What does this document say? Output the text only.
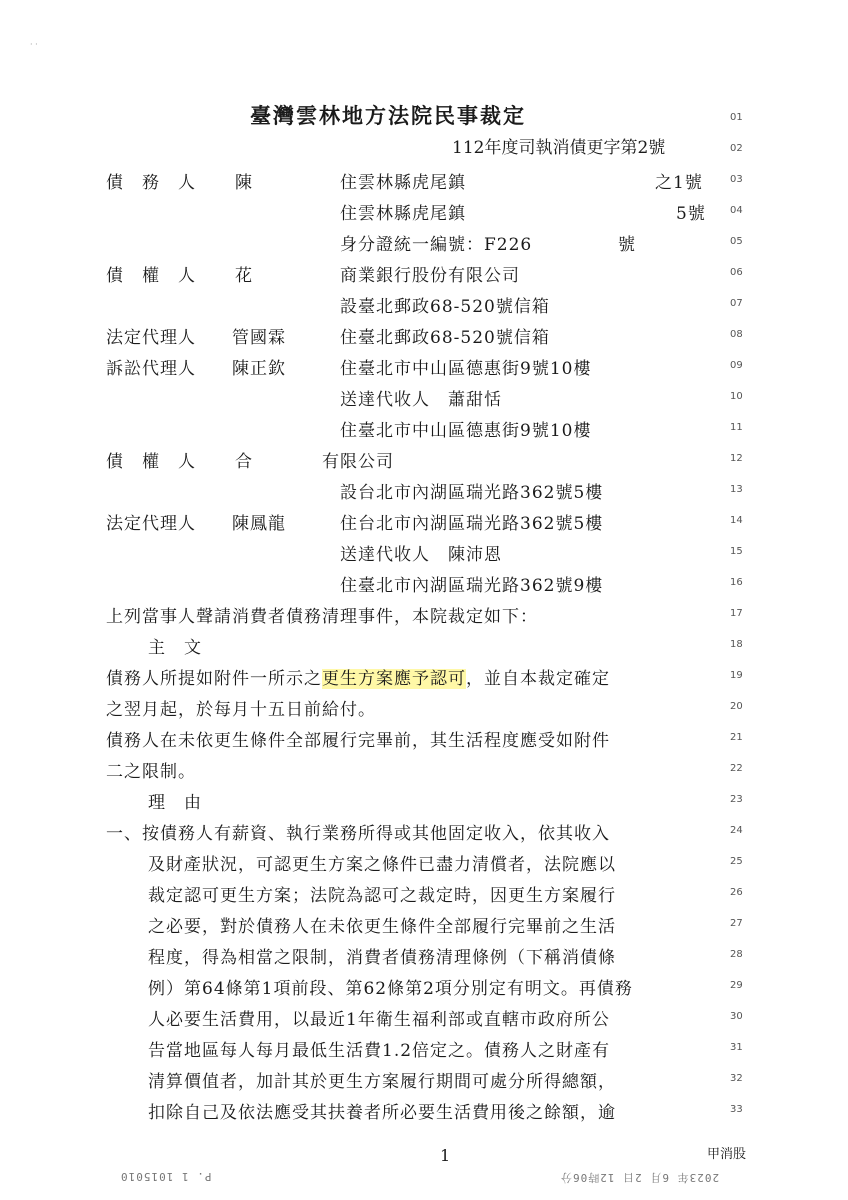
· ·
臺灣雲林地方法院民事裁定
112年度司執消債更字第2號
01
02
03
04
05
06
07
08
09
10
11
12
13
14
15
16
17
18
19
20
21
22
23
24
25
26
27
28
29
30
31
32
33
債　務　人 陳	住雲林縣虎尾鎮	之1號
住雲林縣虎尾鎮	5號
身分證統一編號：F226	號
債　權　人 花	商業銀行股份有限公司
設臺北郵政68-520號信箱
法定代理人 管國霖	住臺北郵政68-520號信箱
訴訟代理人 陳正欽	住臺北市中山區德惠街9號10樓
送達代收人　蕭甜恬
住臺北市中山區德惠街9號10樓
債　權　人 合	有限公司
設台北市內湖區瑞光路362號5樓
法定代理人 陳鳳龍	住台北市內湖區瑞光路362號5樓
送達代收人　陳沛恩
住臺北市內湖區瑞光路362號9樓
上列當事人聲請消費者債務清理事件，本院裁定如下：
主　文
債務人所提如附件一所示之更生方案應予認可，並自本裁定確定
之翌月起，於每月十五日前給付。
債務人在未依更生條件全部履行完畢前，其生活程度應受如附件
二之限制。
理　由
一、按債務人有薪資、執行業務所得或其他固定收入，依其收入
及財產狀況，可認更生方案之條件已盡力清償者，法院應以
裁定認可更生方案；法院為認可之裁定時，因更生方案履行
之必要，對於債務人在未依更生條件全部履行完畢前之生活
程度，得為相當之限制，消費者債務清理條例（下稱消債條
例）第64條第1項前段、第62條第2項分別定有明文。再債務
人必要生活費用，以最近1年衛生福利部或直轄市政府所公
告當地區每人每月最低生活費1.2倍定之。債務人之財產有
清算價值者，加計其於更生方案履行期間可處分所得總額，
扣除自己及依法應受其扶養者所必要生活費用後之餘額，逾
1	甲消股
P. 1 1015010	2023年 6月 2日 12時06分
